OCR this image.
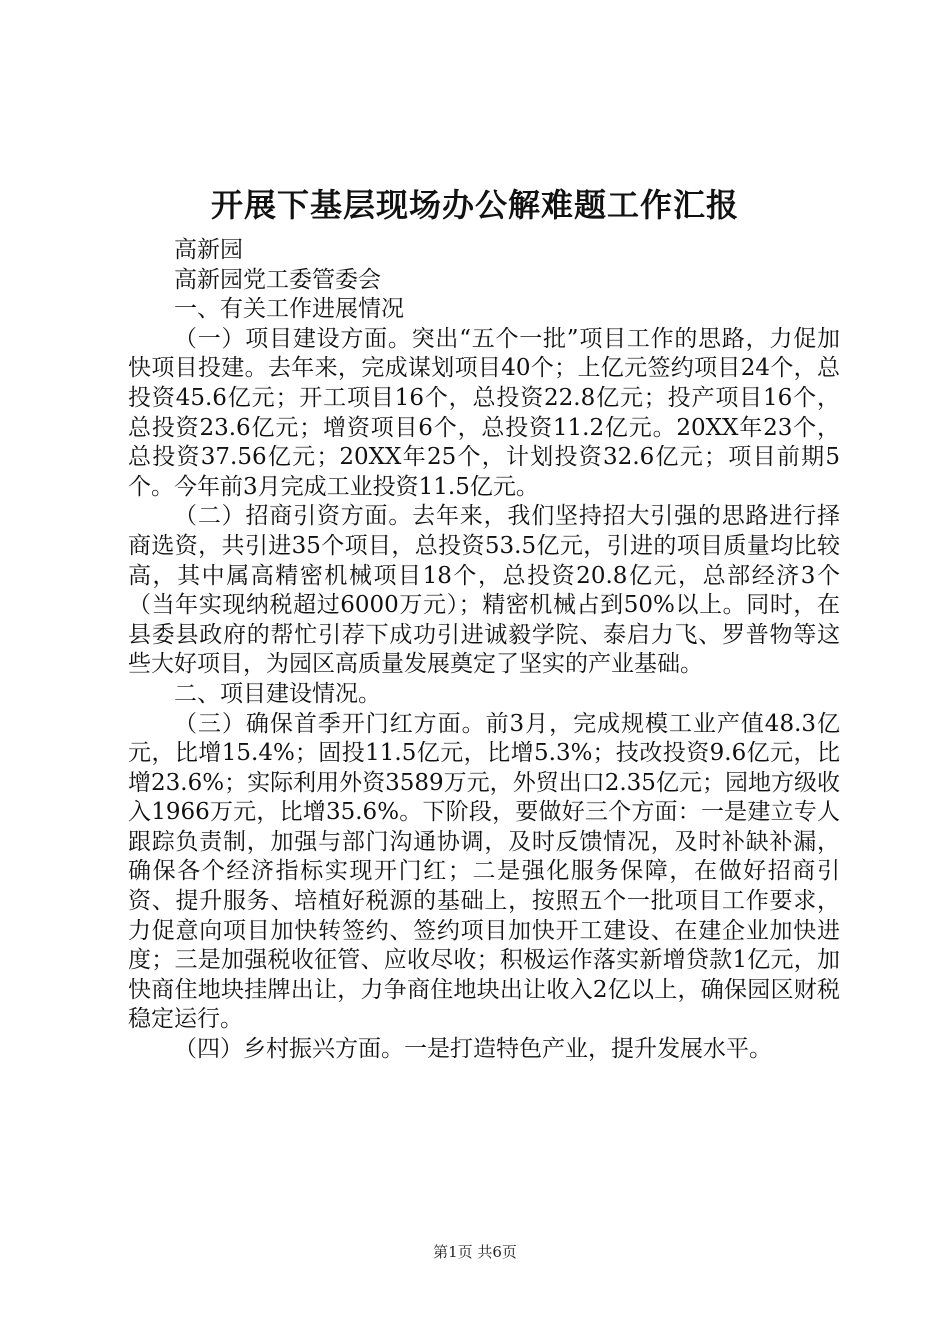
开展下基层现场办公解难题工作汇报

高新园

高新园党工委管委会

一、有关工作进展情况

（一）项目建设方面。突出“五个一批”项目工作的思路，力促加快项目投建。去年来，完成谋划项目40个；上亿元签约项目24个，总投资45.6亿元；开工项目16个，总投资22.8亿元；投产项目16个，总投资23.6亿元；增资项目6个，总投资11.2亿元。20XX年23个，总投资37.56亿元；20XX年25个，计划投资32.6亿元；项目前期5个。今年前3月完成工业投资11.5亿元。

（二）招商引资方面。去年来，我们坚持招大引强的思路进行择商选资，共引进35个项目，总投资53.5亿元，引进的项目质量均比较高，其中属高精密机械项目18个，总投资20.8亿元，总部经济3个（当年实现纳税超过6000万元）；精密机械占到50%以上。同时，在县委县政府的帮忙引荐下成功引进诚毅学院、泰启力飞、罗普物等这些大好项目，为园区高质量发展奠定了坚实的产业基础。

二、项目建设情况。

（三）确保首季开门红方面。前3月，完成规模工业产值48.3亿元，比增15.4%；固投11.5亿元，比增5.3%；技改投资9.6亿元，比增23.6%；实际利用外资3589万元，外贸出口2.35亿元；园地方级收入1966万元，比增35.6%。下阶段，要做好三个方面：一是建立专人跟踪负责制，加强与部门沟通协调，及时反馈情况，及时补缺补漏，确保各个经济指标实现开门红；二是强化服务保障，在做好招商引资、提升服务、培植好税源的基础上，按照五个一批项目工作要求，力促意向项目加快转签约、签约项目加快开工建设、在建企业加快进度；三是加强税收征管、应收尽收；积极运作落实新增贷款1亿元，加快商住地块挂牌出让，力争商住地块出让收入2亿以上，确保园区财税稳定运行。

（四）乡村振兴方面。一是打造特色产业，提升发展水平。

第1页 共6页
